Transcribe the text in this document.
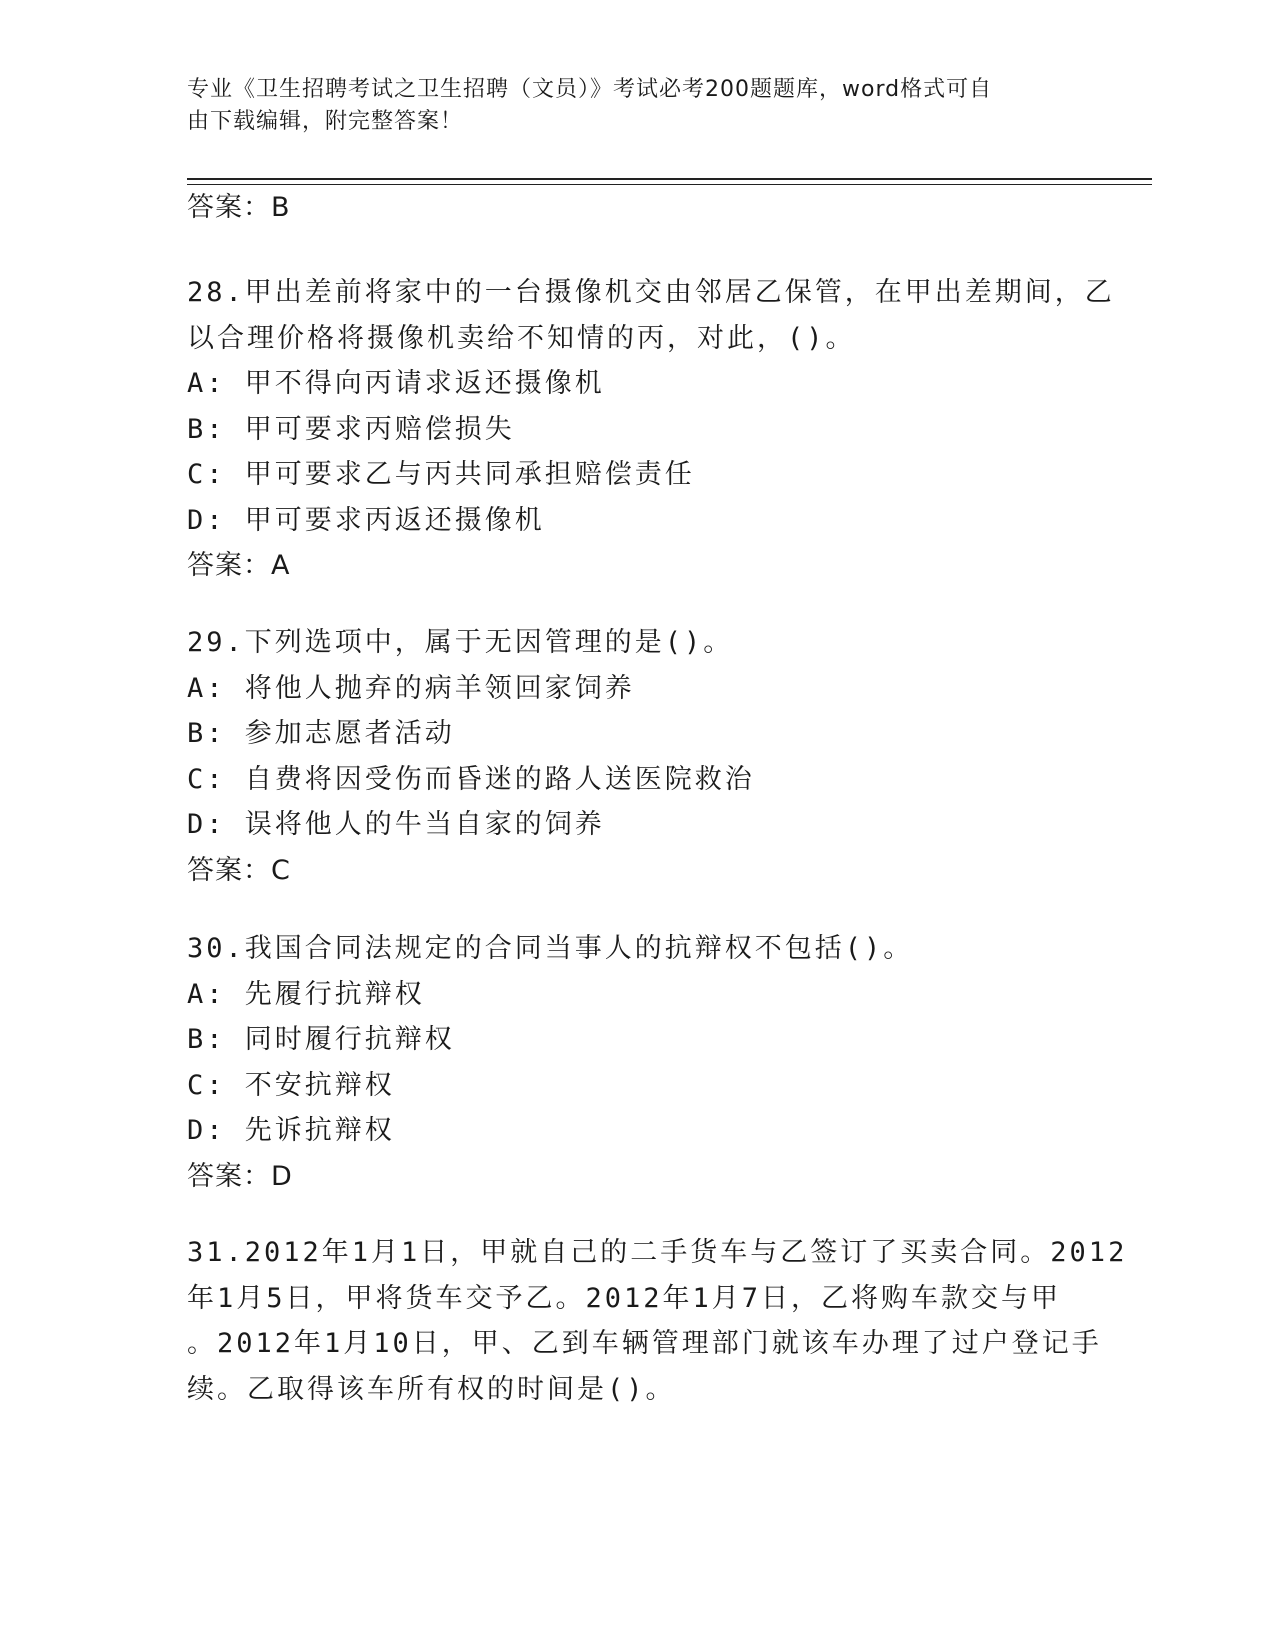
专业《卫生招聘考试之卫生招聘（文员）》考试必考200题题库，word格式可自
由下载编辑，附完整答案！
答案：B
28.甲出差前将家中的一台摄像机交由邻居乙保管，在甲出差期间，乙
以合理价格将摄像机卖给不知情的丙，对此，()。
A: 甲不得向丙请求返还摄像机
B: 甲可要求丙赔偿损失
C: 甲可要求乙与丙共同承担赔偿责任
D: 甲可要求丙返还摄像机
答案：A
29.下列选项中，属于无因管理的是()。
A: 将他人抛弃的病羊领回家饲养
B: 参加志愿者活动
C: 自费将因受伤而昏迷的路人送医院救治
D: 误将他人的牛当自家的饲养
答案：C
30.我国合同法规定的合同当事人的抗辩权不包括()。
A: 先履行抗辩权
B: 同时履行抗辩权
C: 不安抗辩权
D: 先诉抗辩权
答案：D
31.2012年1月1日，甲就自己的二手货车与乙签订了买卖合同。2012
年1月5日，甲将货车交予乙。2012年1月7日，乙将购车款交与甲
。2012年1月10日，甲、乙到车辆管理部门就该车办理了过户登记手
续。乙取得该车所有权的时间是()。
